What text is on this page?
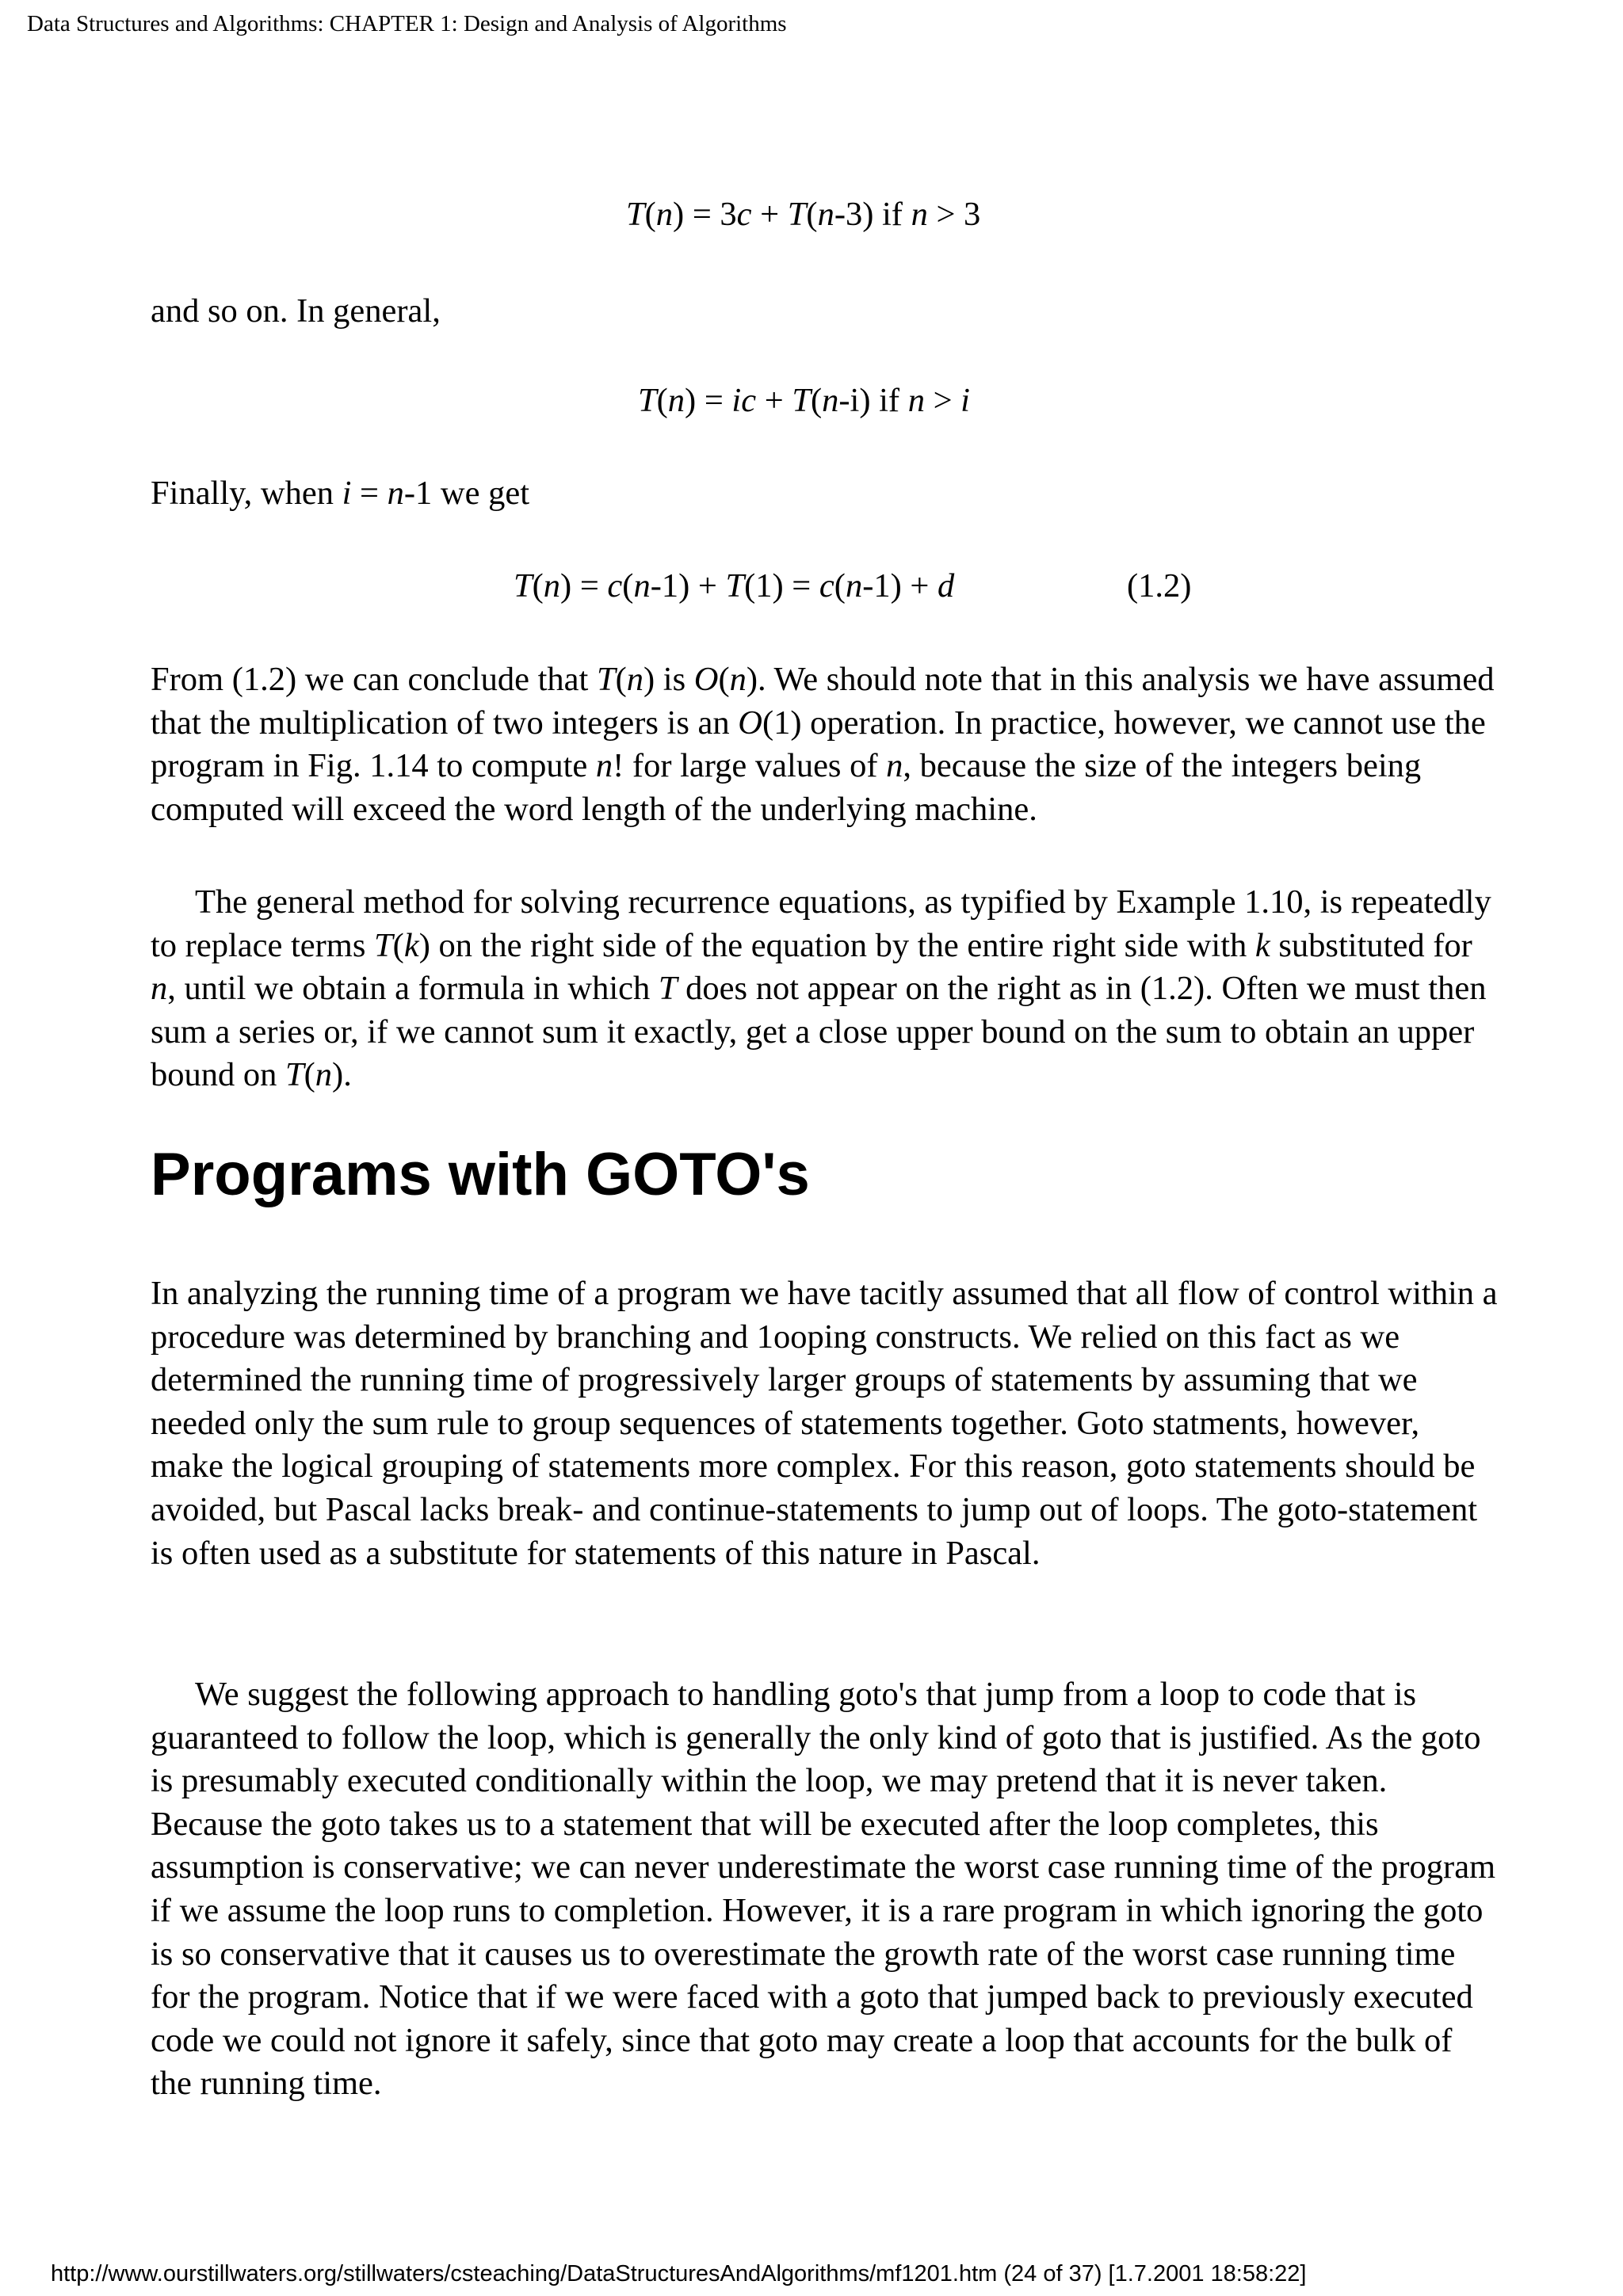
Data Structures and Algorithms: CHAPTER 1: Design and Analysis of Algorithms
T(n) = 3c + T(n-3) if n > 3
and so on. In general,
T(n) = ic + T(n-i) if n > i
Finally, when i = n-1 we get
T(n) = c(n-1) + T(1) = c(n-1) + d	(1.2)

From (1.2) we can conclude that T(n) is O(n). We should note that in this analysis we have assumed that the multiplication of two integers is an O(1) operation. In practice, however, we cannot use the program in Fig. 1.14 to compute n! for large values of n, because the size of the integers being computed will exceed the word length of the underlying machine.

The general method for solving recurrence equations, as typified by Example 1.10, is repeatedly to replace terms T(k) on the right side of the equation by the entire right side with k substituted for n, until we obtain a formula in which T does not appear on the right as in (1.2). Often we must then sum a series or, if we cannot sum it exactly, get a close upper bound on the sum to obtain an upper bound on T(n).

Programs with GOTO's

In analyzing the running time of a program we have tacitly assumed that all flow of control within a procedure was determined by branching and 1ooping constructs. We relied on this fact as we determined the running time of progressively larger groups of statements by assuming that we needed only the sum rule to group sequences of statements together. Goto statments, however, make the logical grouping of statements more complex. For this reason, goto statements should be avoided, but Pascal lacks break- and continue-statements to jump out of loops. The goto-statement is often used as a substitute for statements of this nature in Pascal.

We suggest the following approach to handling goto's that jump from a loop to code that is guaranteed to follow the loop, which is generally the only kind of goto that is justified. As the goto is presumably executed conditionally within the loop, we may pretend that it is never taken. Because the goto takes us to a statement that will be executed after the loop completes, this assumption is conservative; we can never underestimate the worst case running time of the program if we assume the loop runs to completion. However, it is a rare program in which ignoring the goto is so conservative that it causes us to overestimate the growth rate of the worst case running time for the program. Notice that if we were faced with a goto that jumped back to previously executed code we could not ignore it safely, since that goto may create a loop that accounts for the bulk of the running time.

http://www.ourstillwaters.org/stillwaters/csteaching/DataStructuresAndAlgorithms/mf1201.htm (24 of 37) [1.7.2001 18:58:22]
